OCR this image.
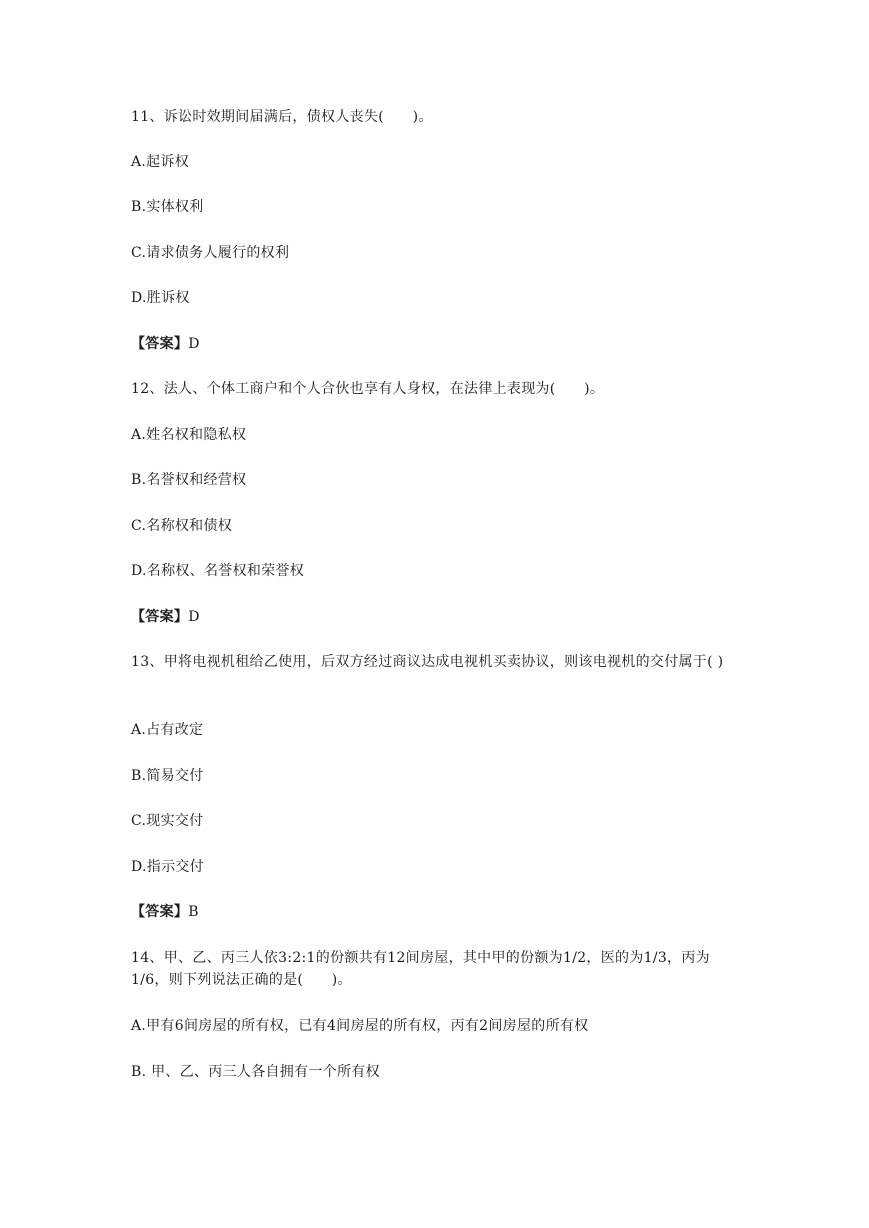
11、诉讼时效期间届满后，债权人丧失(　　)。
A.起诉权
B.实体权利
C.请求债务人履行的权利
D.胜诉权
【答案】D
12、法人、个体工商户和个人合伙也享有人身权，在法律上表现为(　　)。
A.姓名权和隐私权
B.名誉权和经营权
C.名称权和债权
D.名称权、名誉权和荣誉权
【答案】D
13、甲将电视机租给乙使用，后双方经过商议达成电视机买卖协议，则该电视机的交付属于( )
A.占有改定
B.简易交付
C.现实交付
D.指示交付
【答案】B
14、甲、乙、丙三人依3:2:1的份额共有12间房屋，其中甲的份额为1/2，医的为1/3，丙为1/6，则下列说法正确的是(　　)。
A.甲有6间房屋的所有权，已有4间房屋的所有权，丙有2间房屋的所有权
B. 甲、乙、丙三人各自拥有一个所有权
